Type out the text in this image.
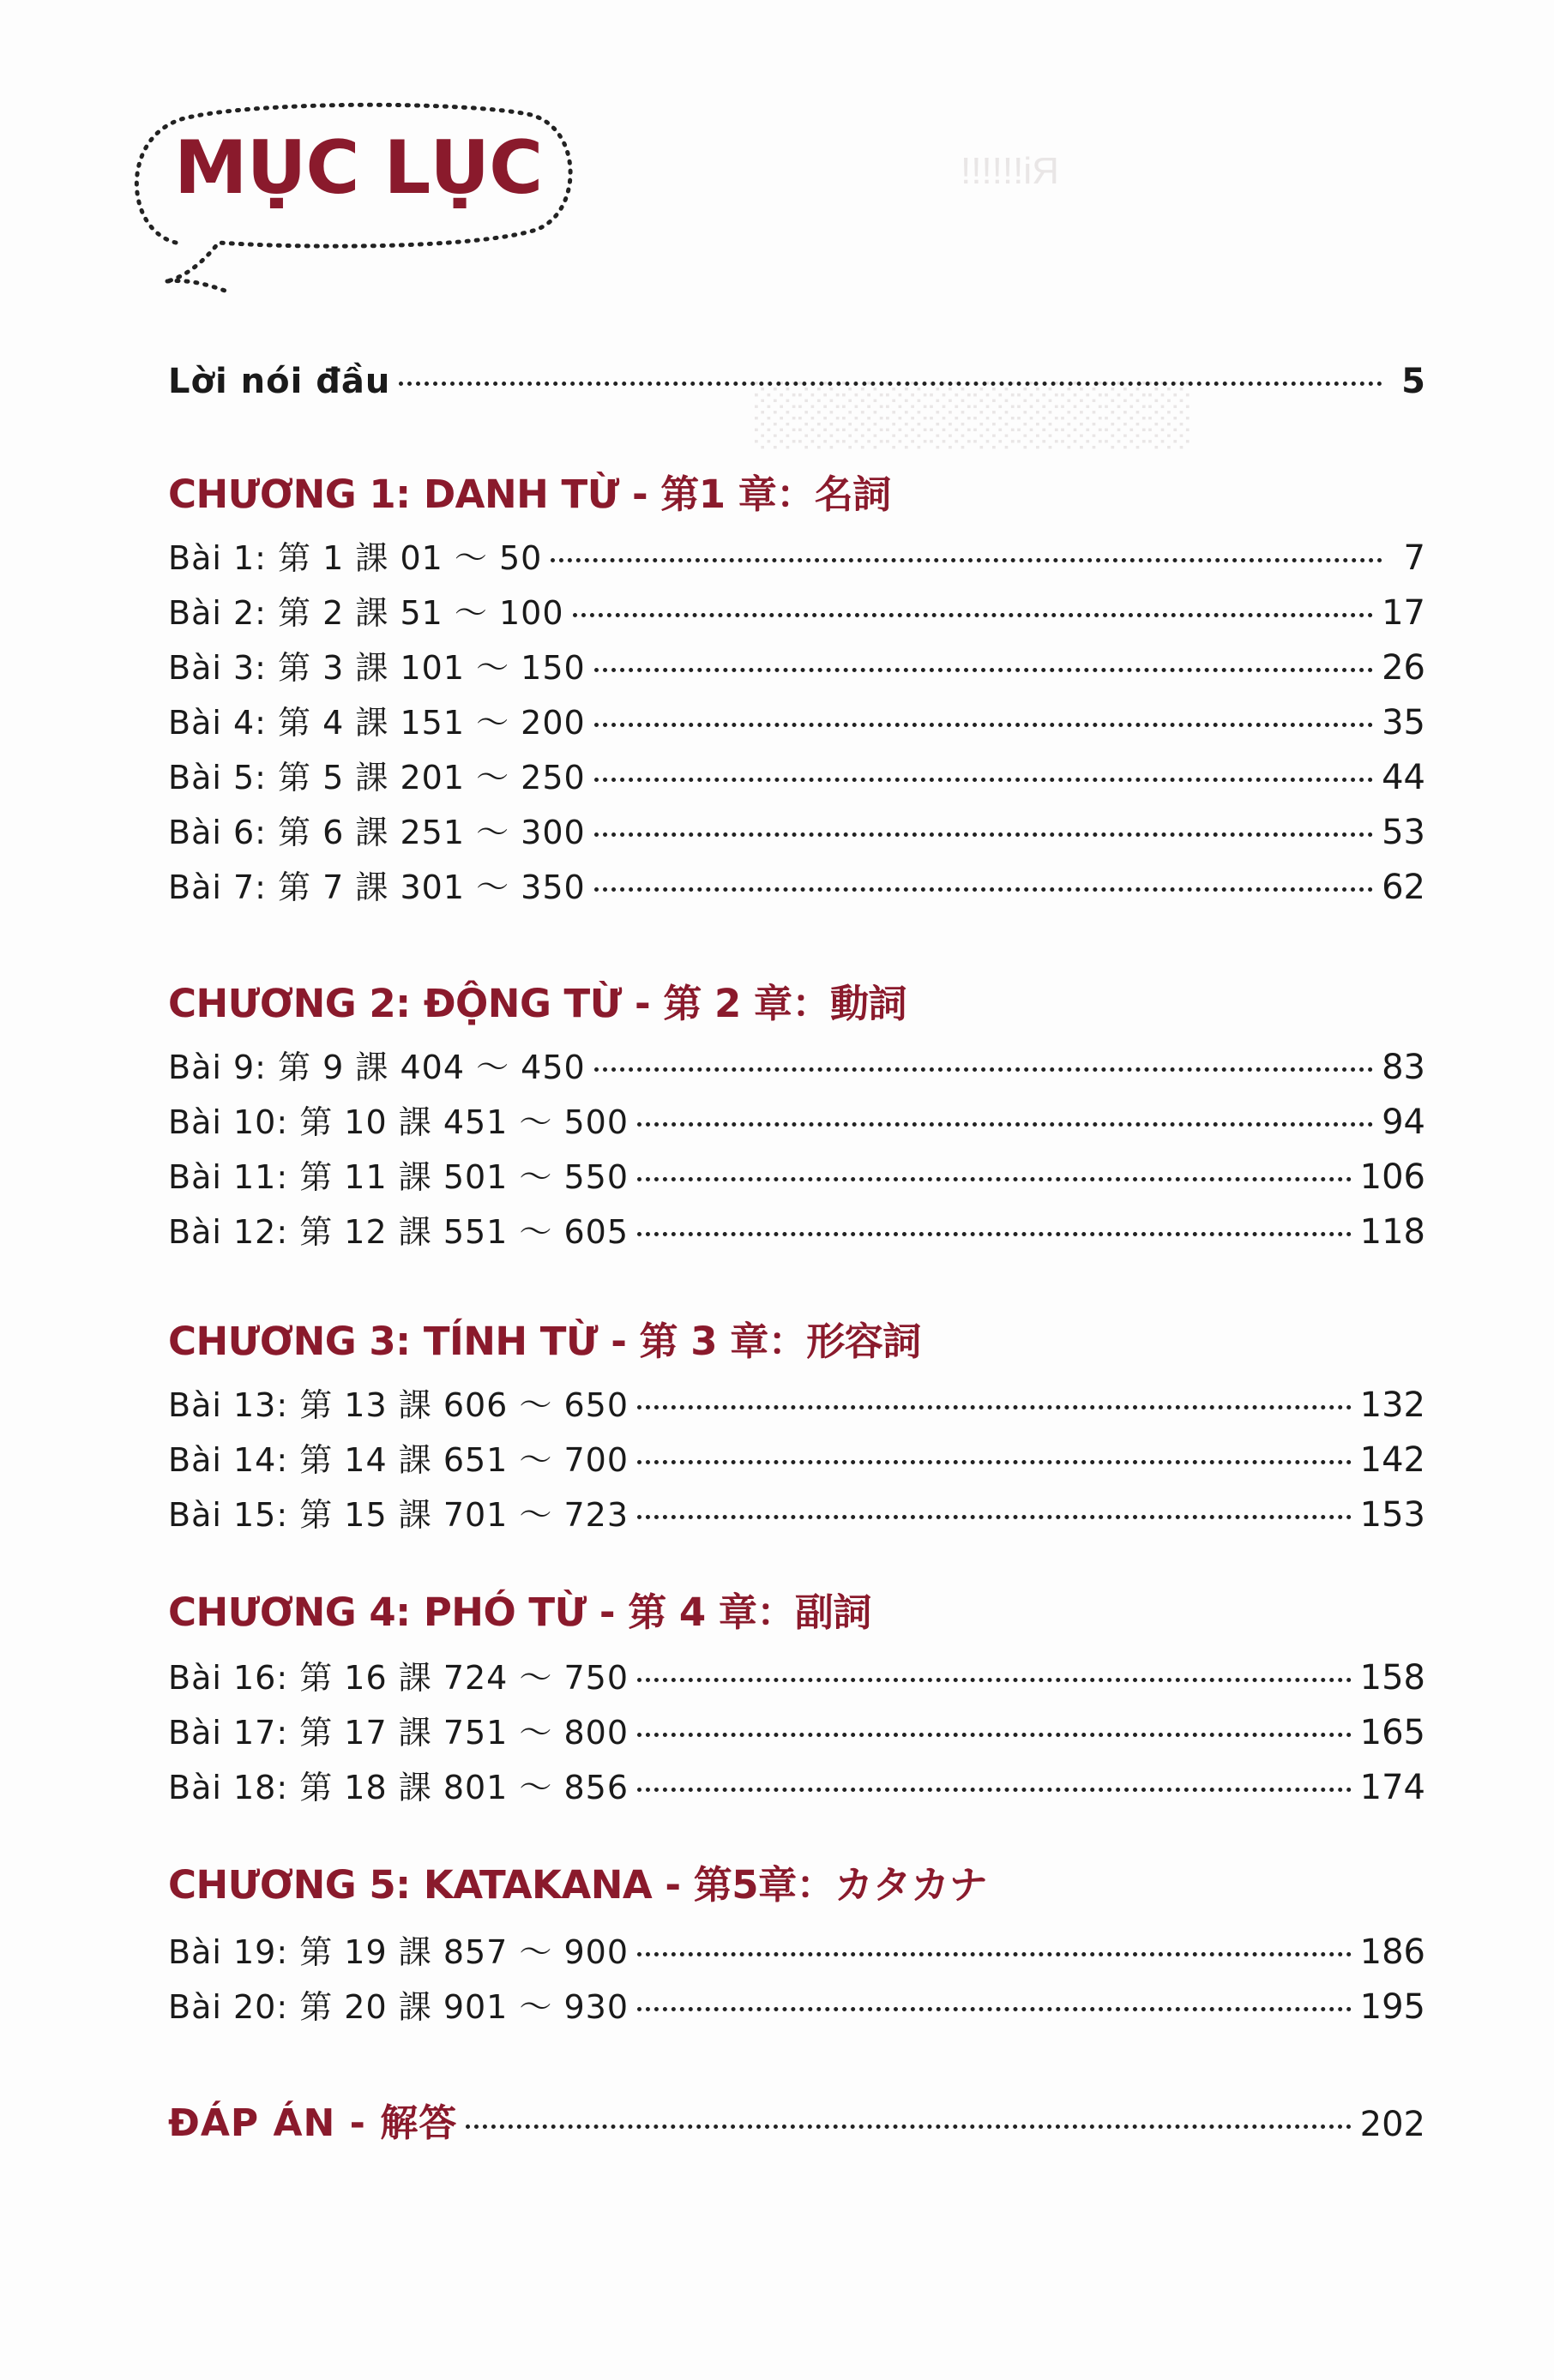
Ri!!!!!!
░░░░░░░░░░
MỤC LỤC
Lời nói đầu	5
CHƯƠNG 1: DANH TỪ - 第1 章：名詞
Bài 1: 第 1 課 01 ～ 50	7
Bài 2: 第 2 課 51 ～ 100	17
Bài 3: 第 3 課 101 ～ 150	26
Bài 4: 第 4 課 151 ～ 200	35
Bài 5: 第 5 課 201 ～ 250	44
Bài 6: 第 6 課 251 ～ 300	53
Bài 7: 第 7 課 301 ～ 350	62
CHƯƠNG 2: ĐỘNG TỪ - 第 2 章：動詞
Bài 9: 第 9 課 404 ～ 450	83
Bài 10: 第 10 課 451 ～ 500	94
Bài 11: 第 11 課 501 ～ 550	106
Bài 12: 第 12 課 551 ～ 605	118
CHƯƠNG 3: TÍNH TỪ - 第 3 章：形容詞
Bài 13: 第 13 課 606 ～ 650	132
Bài 14: 第 14 課 651 ～ 700	142
Bài 15: 第 15 課 701 ～ 723	153
CHƯƠNG 4: PHÓ TỪ - 第 4 章：副詞
Bài 16: 第 16 課 724 ～ 750	158
Bài 17: 第 17 課 751 ～ 800	165
Bài 18: 第 18 課 801 ～ 856	174
CHƯƠNG 5: KATAKANA - 第5章：カタカナ
Bài 19: 第 19 課 857 ～ 900	186
Bài 20: 第 20 課 901 ～ 930	195
ĐÁP ÁN - 解答	202
